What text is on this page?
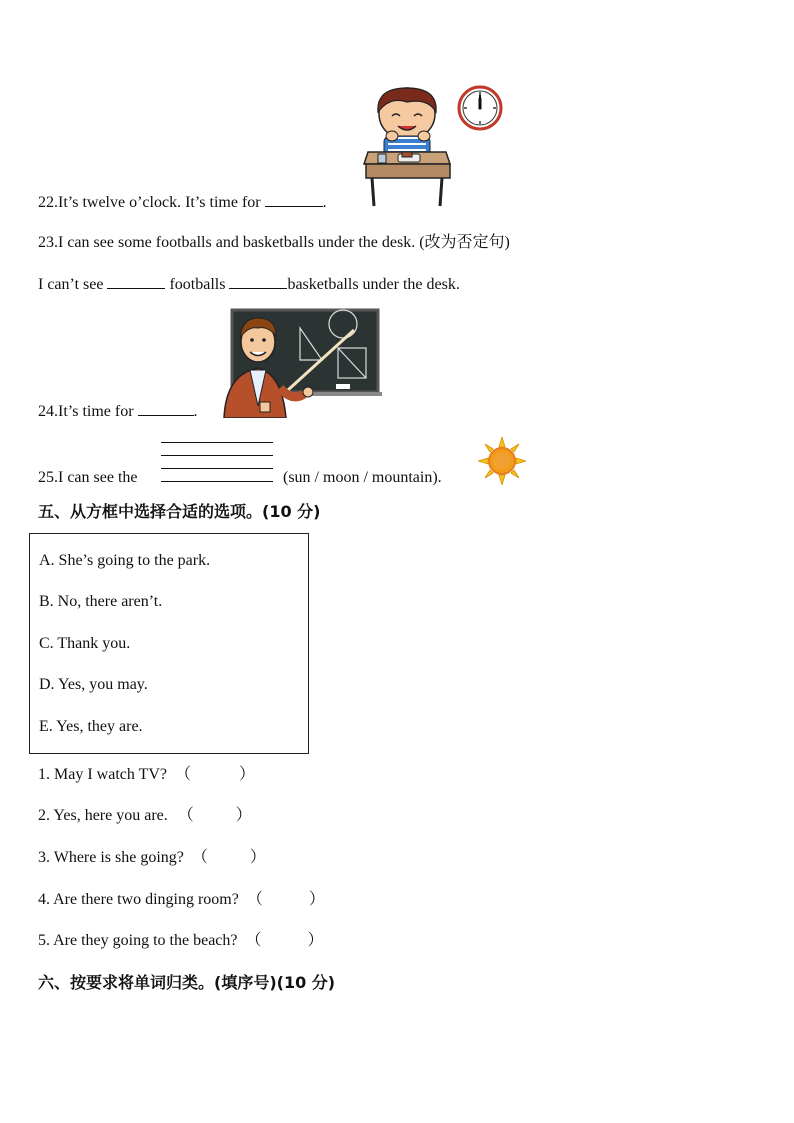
22.It’s twelve o’clock. It’s time for	.
23.I can see some footballs and basketballs under the desk. (改为否定句)
I can’t see	footballs	basketballs under the desk.
24.It’s time for	.
25.I can see the	(sun / moon / mountain).
五、从方框中选择合适的选项。(10 分)
A. She’s going to the park.
B. No, there aren’t.
C. Thank you.
D. Yes, you may.
E. Yes, they are.
1. May I watch TV? （	）
2. Yes, here you are. （	）
3. Where is she going? （	）
4. Are there two dinging room? （	）
5. Are they going to the beach? （	）
六、按要求将单词归类。(填序号)(10 分)
